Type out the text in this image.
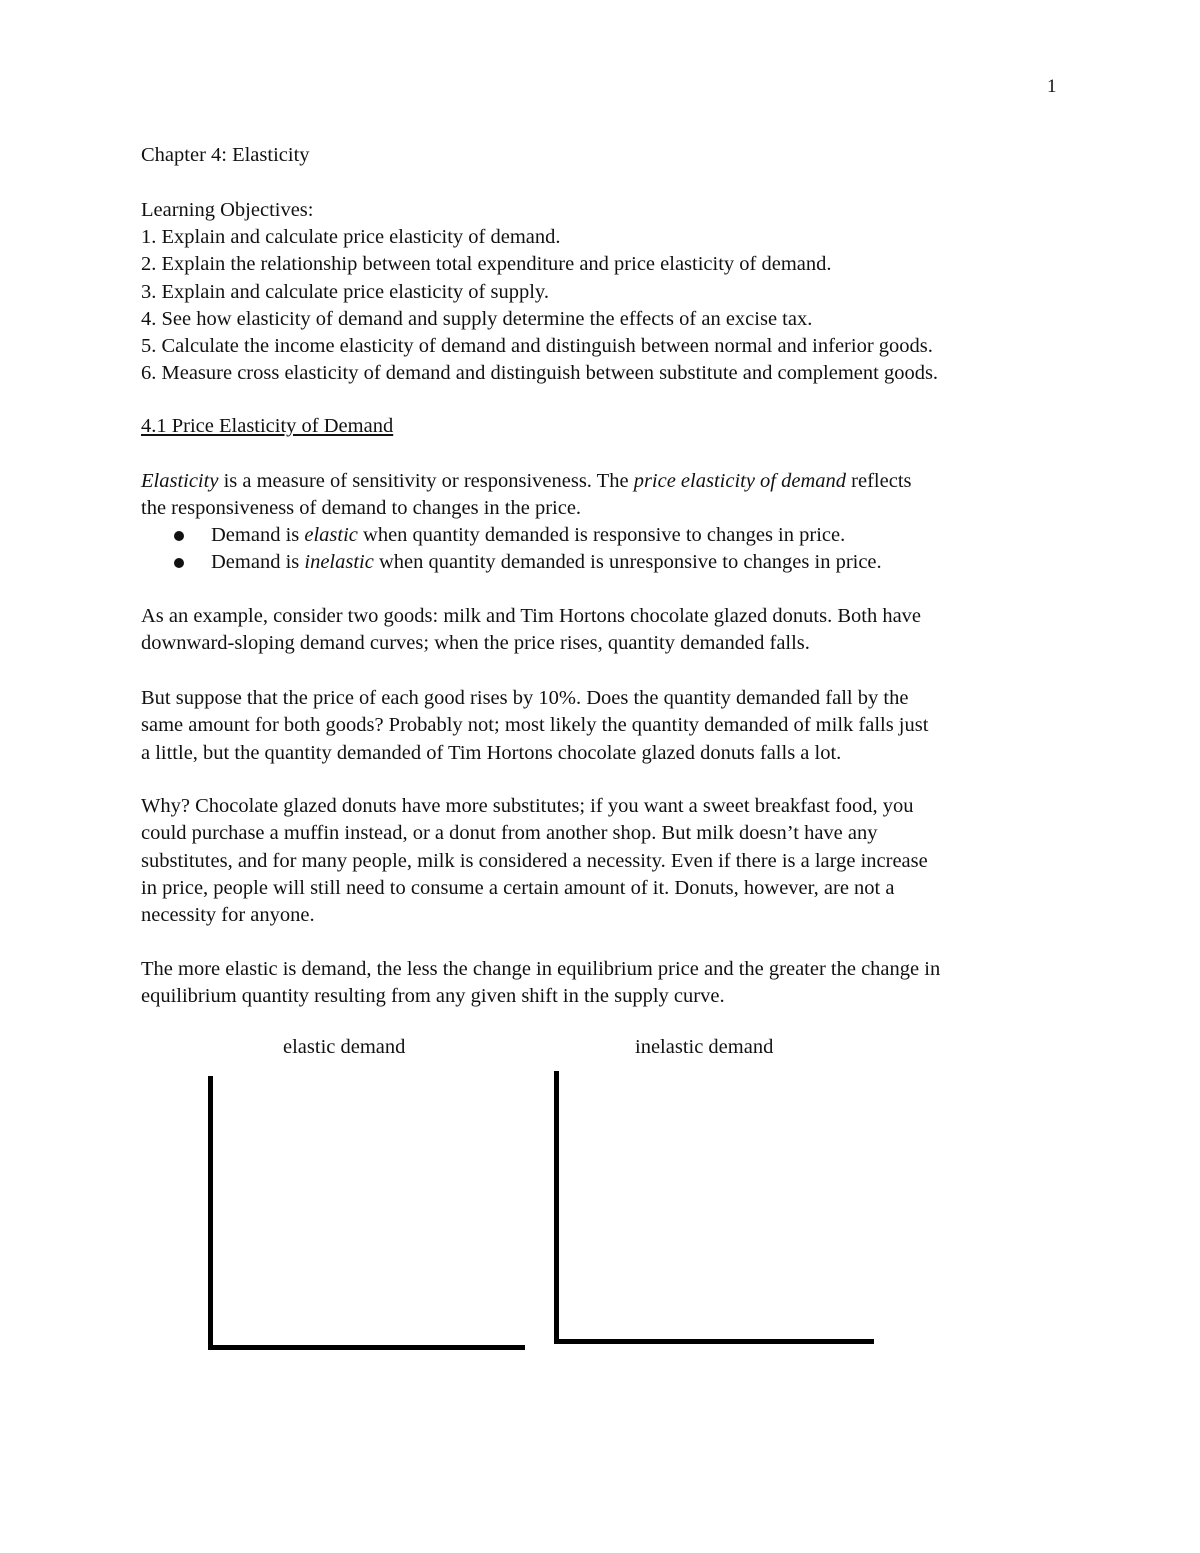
1
Chapter 4: Elasticity
Learning Objectives:
1. Explain and calculate price elasticity of demand.
2. Explain the relationship between total expenditure and price elasticity of demand.
3. Explain and calculate price elasticity of supply.
4. See how elasticity of demand and supply determine the effects of an excise tax.
5. Calculate the income elasticity of demand and distinguish between normal and inferior goods.
6. Measure cross elasticity of demand and distinguish between substitute and complement goods.
4.1 Price Elasticity of Demand
Elasticity is a measure of sensitivity or responsiveness. The price elasticity of demand reflects
the responsiveness of demand to changes in the price.
Demand is elastic when quantity demanded is responsive to changes in price.
Demand is inelastic when quantity demanded is unresponsive to changes in price.
As an example, consider two goods: milk and Tim Hortons chocolate glazed donuts. Both have
downward-sloping demand curves; when the price rises, quantity demanded falls.
But suppose that the price of each good rises by 10%. Does the quantity demanded fall by the
same amount for both goods? Probably not; most likely the quantity demanded of milk falls just
a little, but the quantity demanded of Tim Hortons chocolate glazed donuts falls a lot.
Why? Chocolate glazed donuts have more substitutes; if you want a sweet breakfast food, you
could purchase a muffin instead, or a donut from another shop. But milk doesn’t have any
substitutes, and for many people, milk is considered a necessity. Even if there is a large increase
in price, people will still need to consume a certain amount of it. Donuts, however, are not a
necessity for anyone.
The more elastic is demand, the less the change in equilibrium price and the greater the change in
equilibrium quantity resulting from any given shift in the supply curve.
elastic demand	inelastic demand
